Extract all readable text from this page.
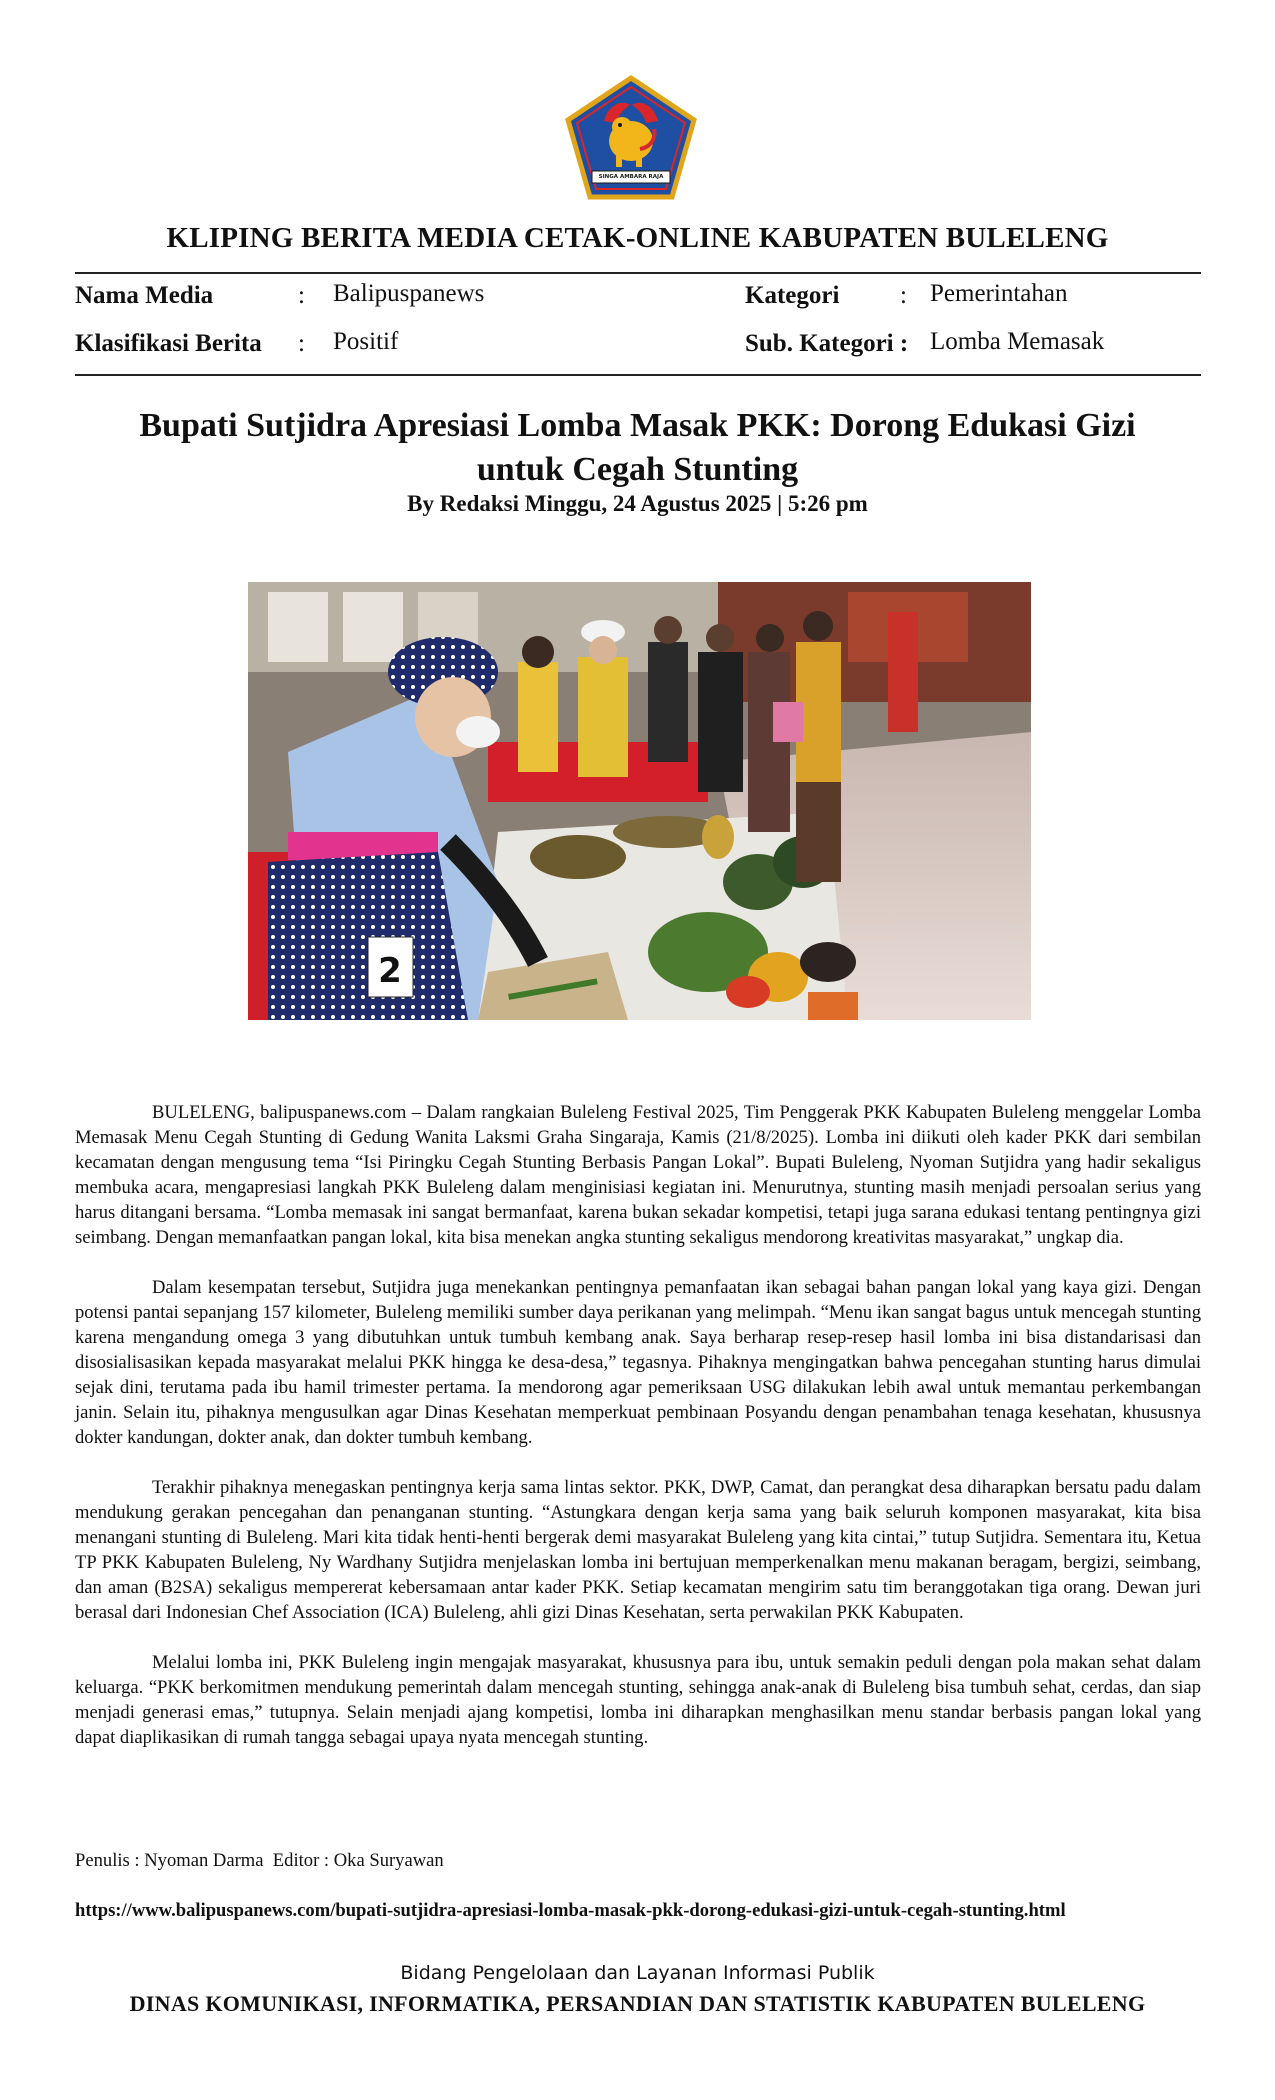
SINGA AMBARA RAJA
KLIPING BERITA MEDIA CETAK-ONLINE KABUPATEN BULELENG
Nama Media	: Balipuspanews	Kategori : Pemerintahan
Klasifikasi Berita : Positif	Sub. Kategori : Lomba Memasak
Bupati Sutjidra Apresiasi Lomba Masak PKK: Dorong Edukasi Gizi untuk Cegah Stunting
By Redaksi Minggu, 24 Agustus 2025 | 5:26 pm
2

BULELENG, balipuspanews.com – Dalam rangkaian Buleleng Festival 2025, Tim Penggerak PKK Kabupaten Buleleng menggelar Lomba Memasak Menu Cegah Stunting di Gedung Wanita Laksmi Graha Singaraja, Kamis (21/8/2025). Lomba ini diikuti oleh kader PKK dari sembilan kecamatan dengan mengusung tema “Isi Piringku Cegah Stunting Berbasis Pangan Lokal”. Bupati Buleleng, Nyoman Sutjidra yang hadir sekaligus membuka acara, mengapresiasi langkah PKK Buleleng dalam menginisiasi kegiatan ini. Menurutnya, stunting masih menjadi persoalan serius yang harus ditangani bersama. “Lomba memasak ini sangat bermanfaat, karena bukan sekadar kompetisi, tetapi juga sarana edukasi tentang pentingnya gizi seimbang. Dengan memanfaatkan pangan lokal, kita bisa menekan angka stunting sekaligus mendorong kreativitas masyarakat,” ungkap dia.

Dalam kesempatan tersebut, Sutjidra juga menekankan pentingnya pemanfaatan ikan sebagai bahan pangan lokal yang kaya gizi. Dengan potensi pantai sepanjang 157 kilometer, Buleleng memiliki sumber daya perikanan yang melimpah. “Menu ikan sangat bagus untuk mencegah stunting karena mengandung omega 3 yang dibutuhkan untuk tumbuh kembang anak. Saya berharap resep-resep hasil lomba ini bisa distandarisasi dan disosialisasikan kepada masyarakat melalui PKK hingga ke desa-desa,” tegasnya. Pihaknya mengingatkan bahwa pencegahan stunting harus dimulai sejak dini, terutama pada ibu hamil trimester pertama. Ia mendorong agar pemeriksaan USG dilakukan lebih awal untuk memantau perkembangan janin. Selain itu, pihaknya mengusulkan agar Dinas Kesehatan memperkuat pembinaan Posyandu dengan penambahan tenaga kesehatan, khususnya dokter kandungan, dokter anak, dan dokter tumbuh kembang.

Terakhir pihaknya menegaskan pentingnya kerja sama lintas sektor. PKK, DWP, Camat, dan perangkat desa diharapkan bersatu padu dalam mendukung gerakan pencegahan dan penanganan stunting. “Astungkara dengan kerja sama yang baik seluruh komponen masyarakat, kita bisa menangani stunting di Buleleng. Mari kita tidak henti-henti bergerak demi masyarakat Buleleng yang kita cintai,” tutup Sutjidra. Sementara itu, Ketua TP PKK Kabupaten Buleleng, Ny Wardhany Sutjidra menjelaskan lomba ini bertujuan memperkenalkan menu makanan beragam, bergizi, seimbang, dan aman (B2SA) sekaligus mempererat kebersamaan antar kader PKK. Setiap kecamatan mengirim satu tim beranggotakan tiga orang. Dewan juri berasal dari Indonesian Chef Association (ICA) Buleleng, ahli gizi Dinas Kesehatan, serta perwakilan PKK Kabupaten.

Melalui lomba ini, PKK Buleleng ingin mengajak masyarakat, khususnya para ibu, untuk semakin peduli dengan pola makan sehat dalam keluarga. “PKK berkomitmen mendukung pemerintah dalam mencegah stunting, sehingga anak-anak di Buleleng bisa tumbuh sehat, cerdas, dan siap menjadi generasi emas,” tutupnya. Selain menjadi ajang kompetisi, lomba ini diharapkan menghasilkan menu standar berbasis pangan lokal yang dapat diaplikasikan di rumah tangga sebagai upaya nyata mencegah stunting.

Penulis : Nyoman Darma  Editor : Oka Suryawan
https://www.balipuspanews.com/bupati-sutjidra-apresiasi-lomba-masak-pkk-dorong-edukasi-gizi-untuk-cegah-stunting.html
Bidang Pengelolaan dan Layanan Informasi Publik
DINAS KOMUNIKASI, INFORMATIKA, PERSANDIAN DAN STATISTIK KABUPATEN BULELENG
